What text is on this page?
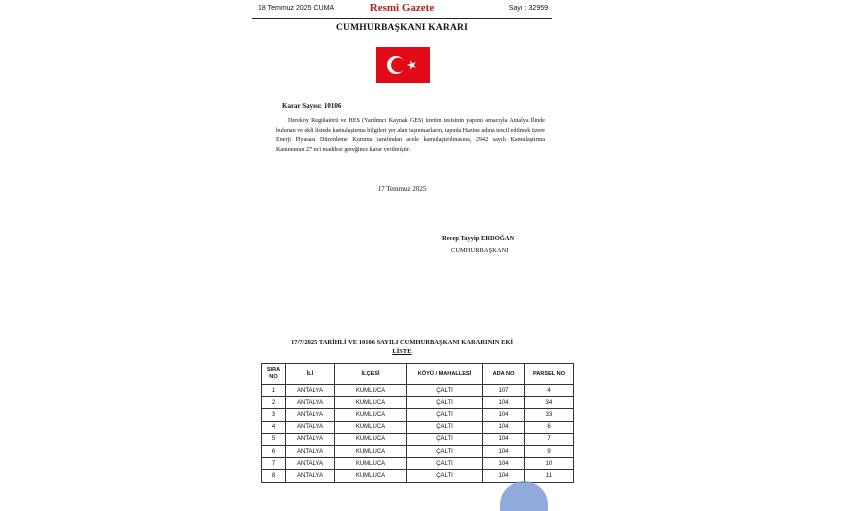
18 Temmuz 2025 CUMA	Resmi Gazete	Sayı : 32959
CUMHURBAŞKANI KARARI
Karar Sayısı: 10106
Dereköy Regülatörü ve HES (Yardımcı Kaynak GES) üretim tesisinin yapımı amacıyla Antalya İlinde bulunan ve ekli listede kamulaştırma bilgileri yer alan taşınmazların, tapuda Hazine adına tescil edilmek üzere Enerji Piyasası Düzenleme Kurumu tarafından acele kamulaştırılmasına, 2942 sayılı Kamulaştırma Kanununun 27 nci maddesi gereğince karar verilmiştir.
17 Temmuz 2025
Recep Tayyip ERDOĞAN
CUMHURBAŞKANI
17/7/2025 TARİHLİ VE 10106 SAYILI CUMHURBAŞKANI KARARININ EKİ
LİSTE
SIRA NO	İLİ	İLÇESİ	KÖYÜ / MAHALLESİ	ADA NO	PARSEL NO
1	ANTALYA	KUMLUCA	ÇALTI	107	4
2	ANTALYA	KUMLUCA	ÇALTI	104	34
3	ANTALYA	KUMLUCA	ÇALTI	104	33
4	ANTALYA	KUMLUCA	ÇALTI	104	6
5	ANTALYA	KUMLUCA	ÇALTI	104	7
6	ANTALYA	KUMLUCA	ÇALTI	104	9
7	ANTALYA	KUMLUCA	ÇALTI	104	10
8	ANTALYA	KUMLUCA	ÇALTI	104	11
